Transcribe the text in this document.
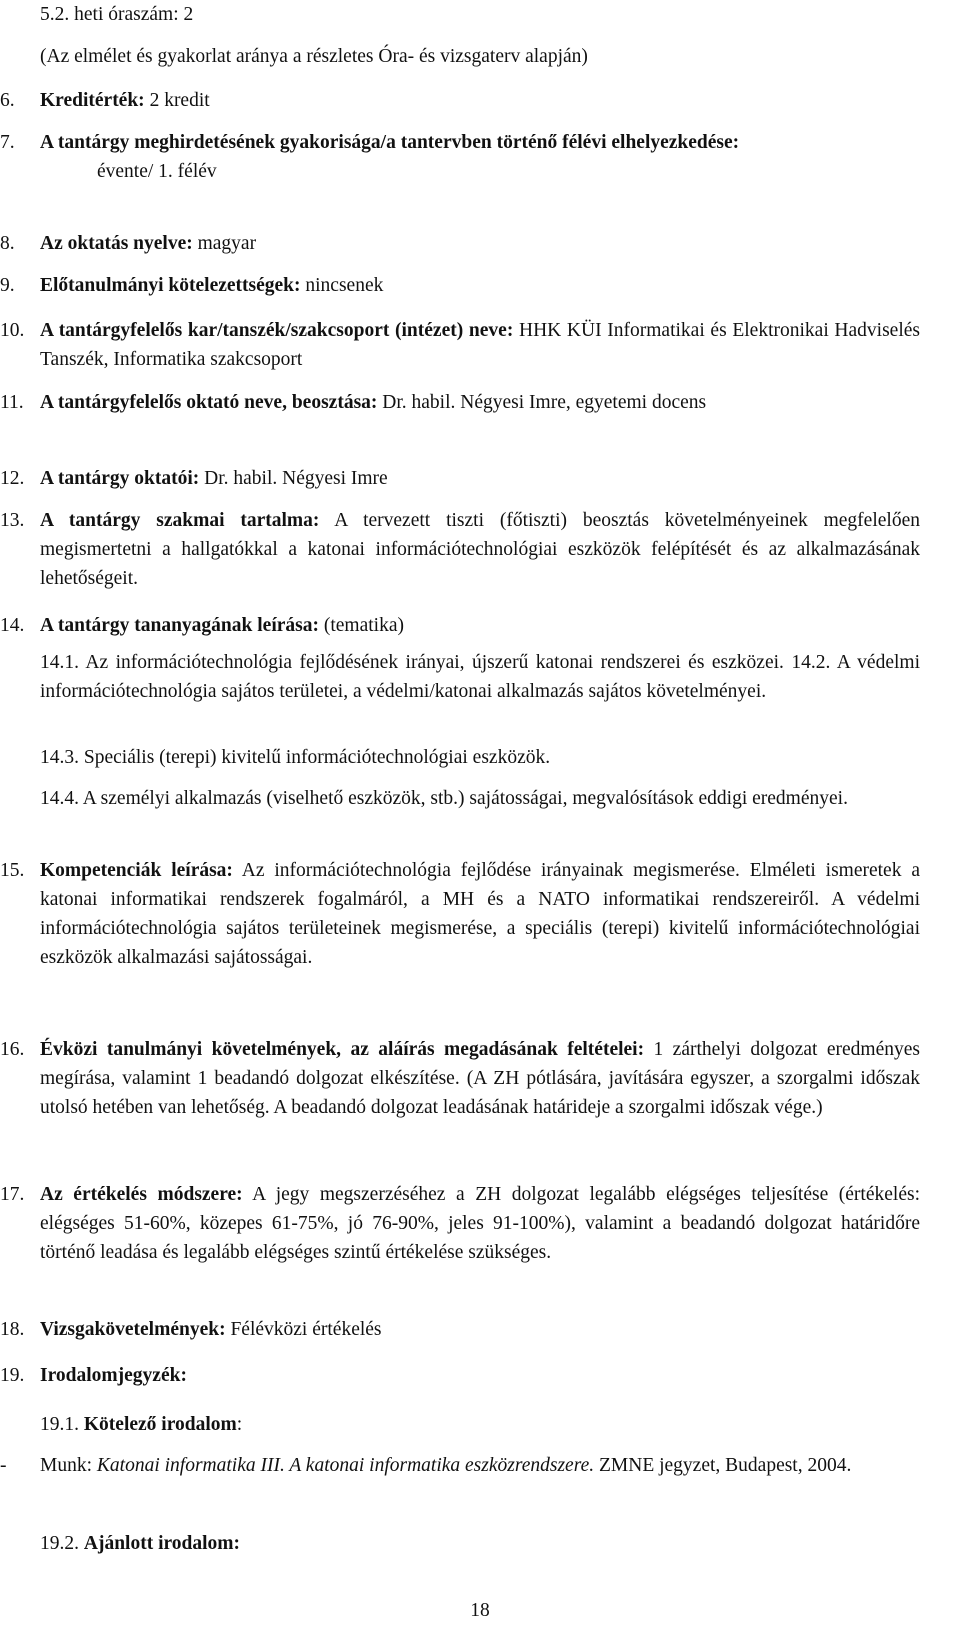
5.2. heti óraszám: 2
(Az elmélet és gyakorlat aránya a részletes Óra- és vizsgaterv alapján)
6.	Kreditérték: 2 kredit
7.	A tantárgy meghirdetésének gyakorisága/a tantervben történő félévi elhelyezkedése:
évente/ 1. félév
8.	Az oktatás nyelve: magyar
9.	Előtanulmányi kötelezettségek: nincsenek
10. A tantárgyfelelős kar/tanszék/szakcsoport (intézet) neve: HHK KÜI Informatikai és Elektronikai Hadviselés Tanszék, Informatika szakcsoport
11. A tantárgyfelelős oktató neve, beosztása: Dr. habil. Négyesi Imre, egyetemi docens
12. A tantárgy oktatói: Dr. habil. Négyesi Imre
13. A tantárgy szakmai tartalma: A tervezett tiszti (főtiszti) beosztás követelményeinek megfelelően megismertetni a hallgatókkal a katonai információtechnológiai eszközök felépítését és az alkalmazásának lehetőségeit.
14. A tantárgy tananyagának leírása: (tematika)
14.1. Az információtechnológia fejlődésének irányai, újszerű katonai rendszerei és eszközei. 14.2. A védelmi információtechnológia sajátos területei, a védelmi/katonai alkalmazás sajátos követelményei.
14.3. Speciális (terepi) kivitelű információtechnológiai eszközök.
14.4. A személyi alkalmazás (viselhető eszközök, stb.) sajátosságai, megvalósítások eddigi eredményei.
15. Kompetenciák leírása: Az információtechnológia fejlődése irányainak megismerése. Elméleti ismeretek a katonai informatikai rendszerek fogalmáról, a MH és a NATO informatikai rendszereiről. A védelmi információtechnológia sajátos területeinek megismerése, a speciális (terepi) kivitelű információtechnológiai eszközök alkalmazási sajátosságai.
16. Évközi tanulmányi követelmények, az aláírás megadásának feltételei: 1 zárthelyi dolgozat eredményes megírása, valamint 1 beadandó dolgozat elkészítése. (A ZH pótlására, javítására egyszer, a szorgalmi időszak utolsó hetében van lehetőség. A beadandó dolgozat leadásának határideje a szorgalmi időszak vége.)
17. Az értékelés módszere: A jegy megszerzéséhez a ZH dolgozat legalább elégséges teljesítése (értékelés: elégséges 51-60%, közepes 61-75%, jó 76-90%, jeles 91-100%), valamint a beadandó dolgozat határidőre történő leadása és legalább elégséges szintű értékelése szükséges.
18. Vizsgakövetelmények: Félévközi értékelés
19. Irodalomjegyzék:
19.1. Kötelező irodalom:
-	Munk: Katonai informatika III. A katonai informatika eszközrendszere. ZMNE jegyzet, Budapest, 2004.
19.2. Ajánlott irodalom:
18
